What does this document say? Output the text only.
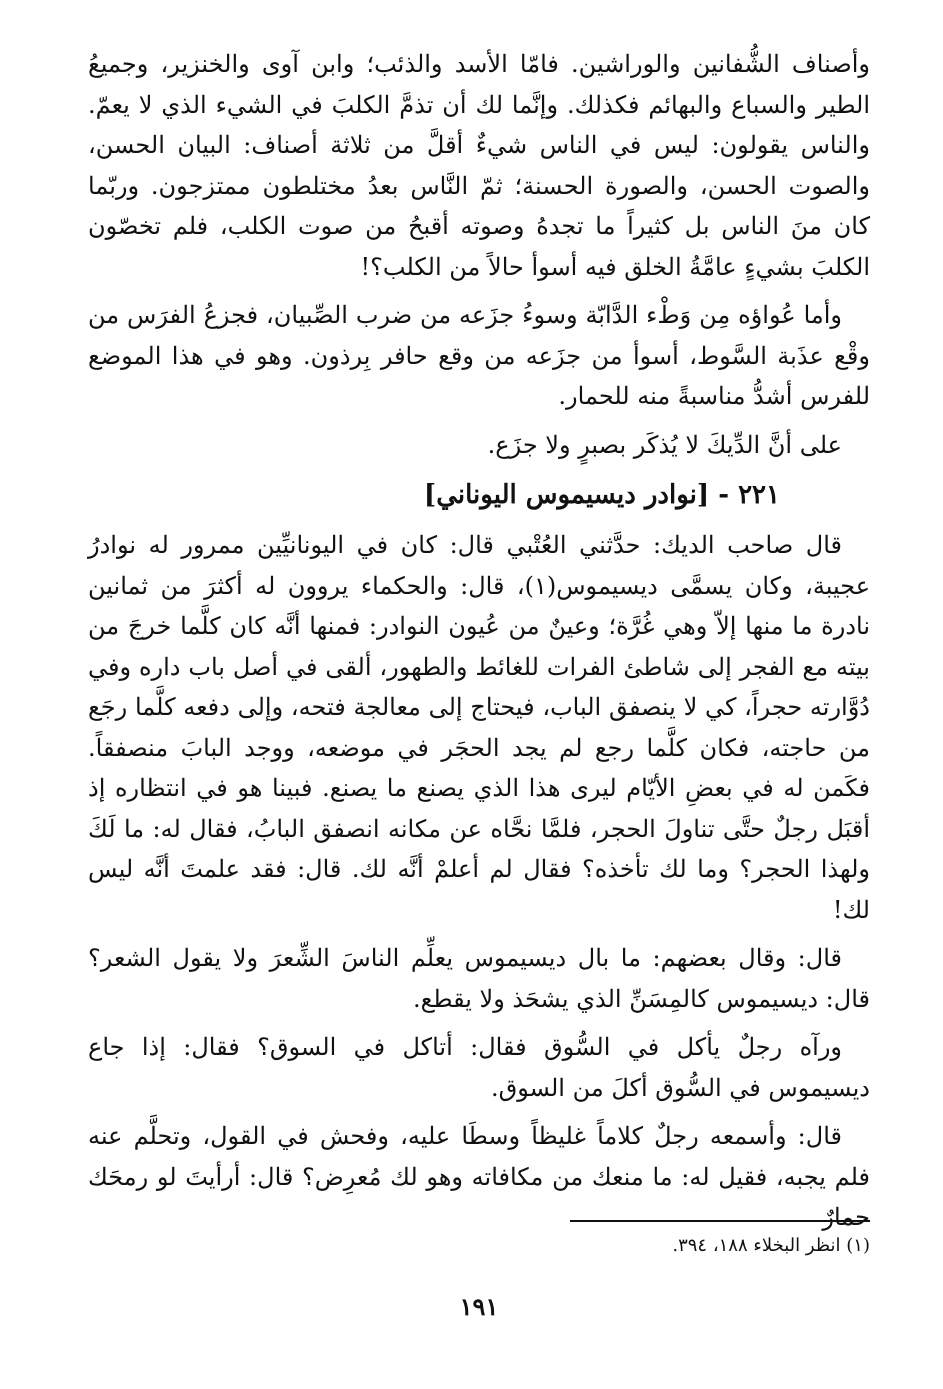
وأصناف الشُّفانين والوراشين. فامّا الأسد والذئب؛ وابن آوى والخنزير، وجميعُ الطير والسباع والبهائم فكذلك. وإنَّما لك أن تذمَّ الكلبَ في الشيء الذي لا يعمّ. والناس يقولون: ليس في الناس شيءٌ أقلَّ من ثلاثة أصناف: البيان الحسن، والصوت الحسن، والصورة الحسنة؛ ثمّ النَّاس بعدُ مختلطون ممتزجون. وربّما كان منَ الناس بل كثيراً ما تجدهُ وصوته أقبحُ من صوت الكلب، فلم تخصّون الكلبَ بشيءٍ عامَّةُ الخلق فيه أسوأ حالاً من الكلب؟!

وأما عُواؤه مِن وَطْء الدَّابّة وسوءُ جزَعه من ضرب الصِّبيان، فجزعُ الفرَس من وقْع عذَبة السَّوط، أسوأ من جزَعه من وقع حافر بِرذون. وهو في هذا الموضع للفرس أشدُّ مناسبةً منه للحمار.

على أنَّ الدِّيكَ لا يُذكَر بصبرٍ ولا جزَع.

٢٢١ - [نوادر ديسيموس اليوناني]

قال صاحب الديك: حدَّثني العُتْبي قال: كان في اليونانيِّين ممرور له نوادرُ عجيبة، وكان يسمَّى ديسيموس(١)، قال: والحكماء يروون له أكثرَ من ثمانين نادرة ما منها إلاّ وهي غُرَّة؛ وعينٌ من عُيون النوادر: فمنها أنَّه كان كلَّما خرجَ من بيته مع الفجر إلى شاطئ الفرات للغائط والطهور، ألقى في أصل باب داره وفي دُوَّارته حجراً، كي لا ينصفق الباب، فيحتاج إلى معالجة فتحه، وإلى دفعه كلَّما رجَع من حاجته، فكان كلَّما رجع لم يجد الحجَر في موضعه، ووجد البابَ منصفقاً. فكَمن له في بعضِ الأيّام ليرى هذا الذي يصنع ما يصنع. فبينا هو في انتظاره إذ أقبَل رجلٌ حتَّى تناولَ الحجر، فلمَّا نحَّاه عن مكانه انصفق البابُ، فقال له: ما لَكَ ولهذا الحجر؟ وما لك تأخذه؟ فقال لم أعلمْ أنَّه لك. قال: فقد علمتَ أنَّه ليس لك!

قال: وقال بعضهم: ما بال ديسيموس يعلِّم الناسَ الشِّعرَ ولا يقول الشعر؟ قال: ديسيموس كالمِسَنِّ الذي يشحَذ ولا يقطع.

ورآه رجلٌ يأكل في السُّوق فقال: أتاكل في السوق؟ فقال: إذا جاع ديسيموس في السُّوق أكلَ من السوق.

قال: وأسمعه رجلٌ كلاماً غليظاً وسطَا عليه، وفحش في القول، وتحلَّم عنه فلم يجبه، فقيل له: ما منعك من مكافاته وهو لك مُعرِض؟ قال: أرأيتَ لو رمحَك حمارٌ

(١) انظر البخلاء ١٨٨، ٣٩٤.
١٩١
